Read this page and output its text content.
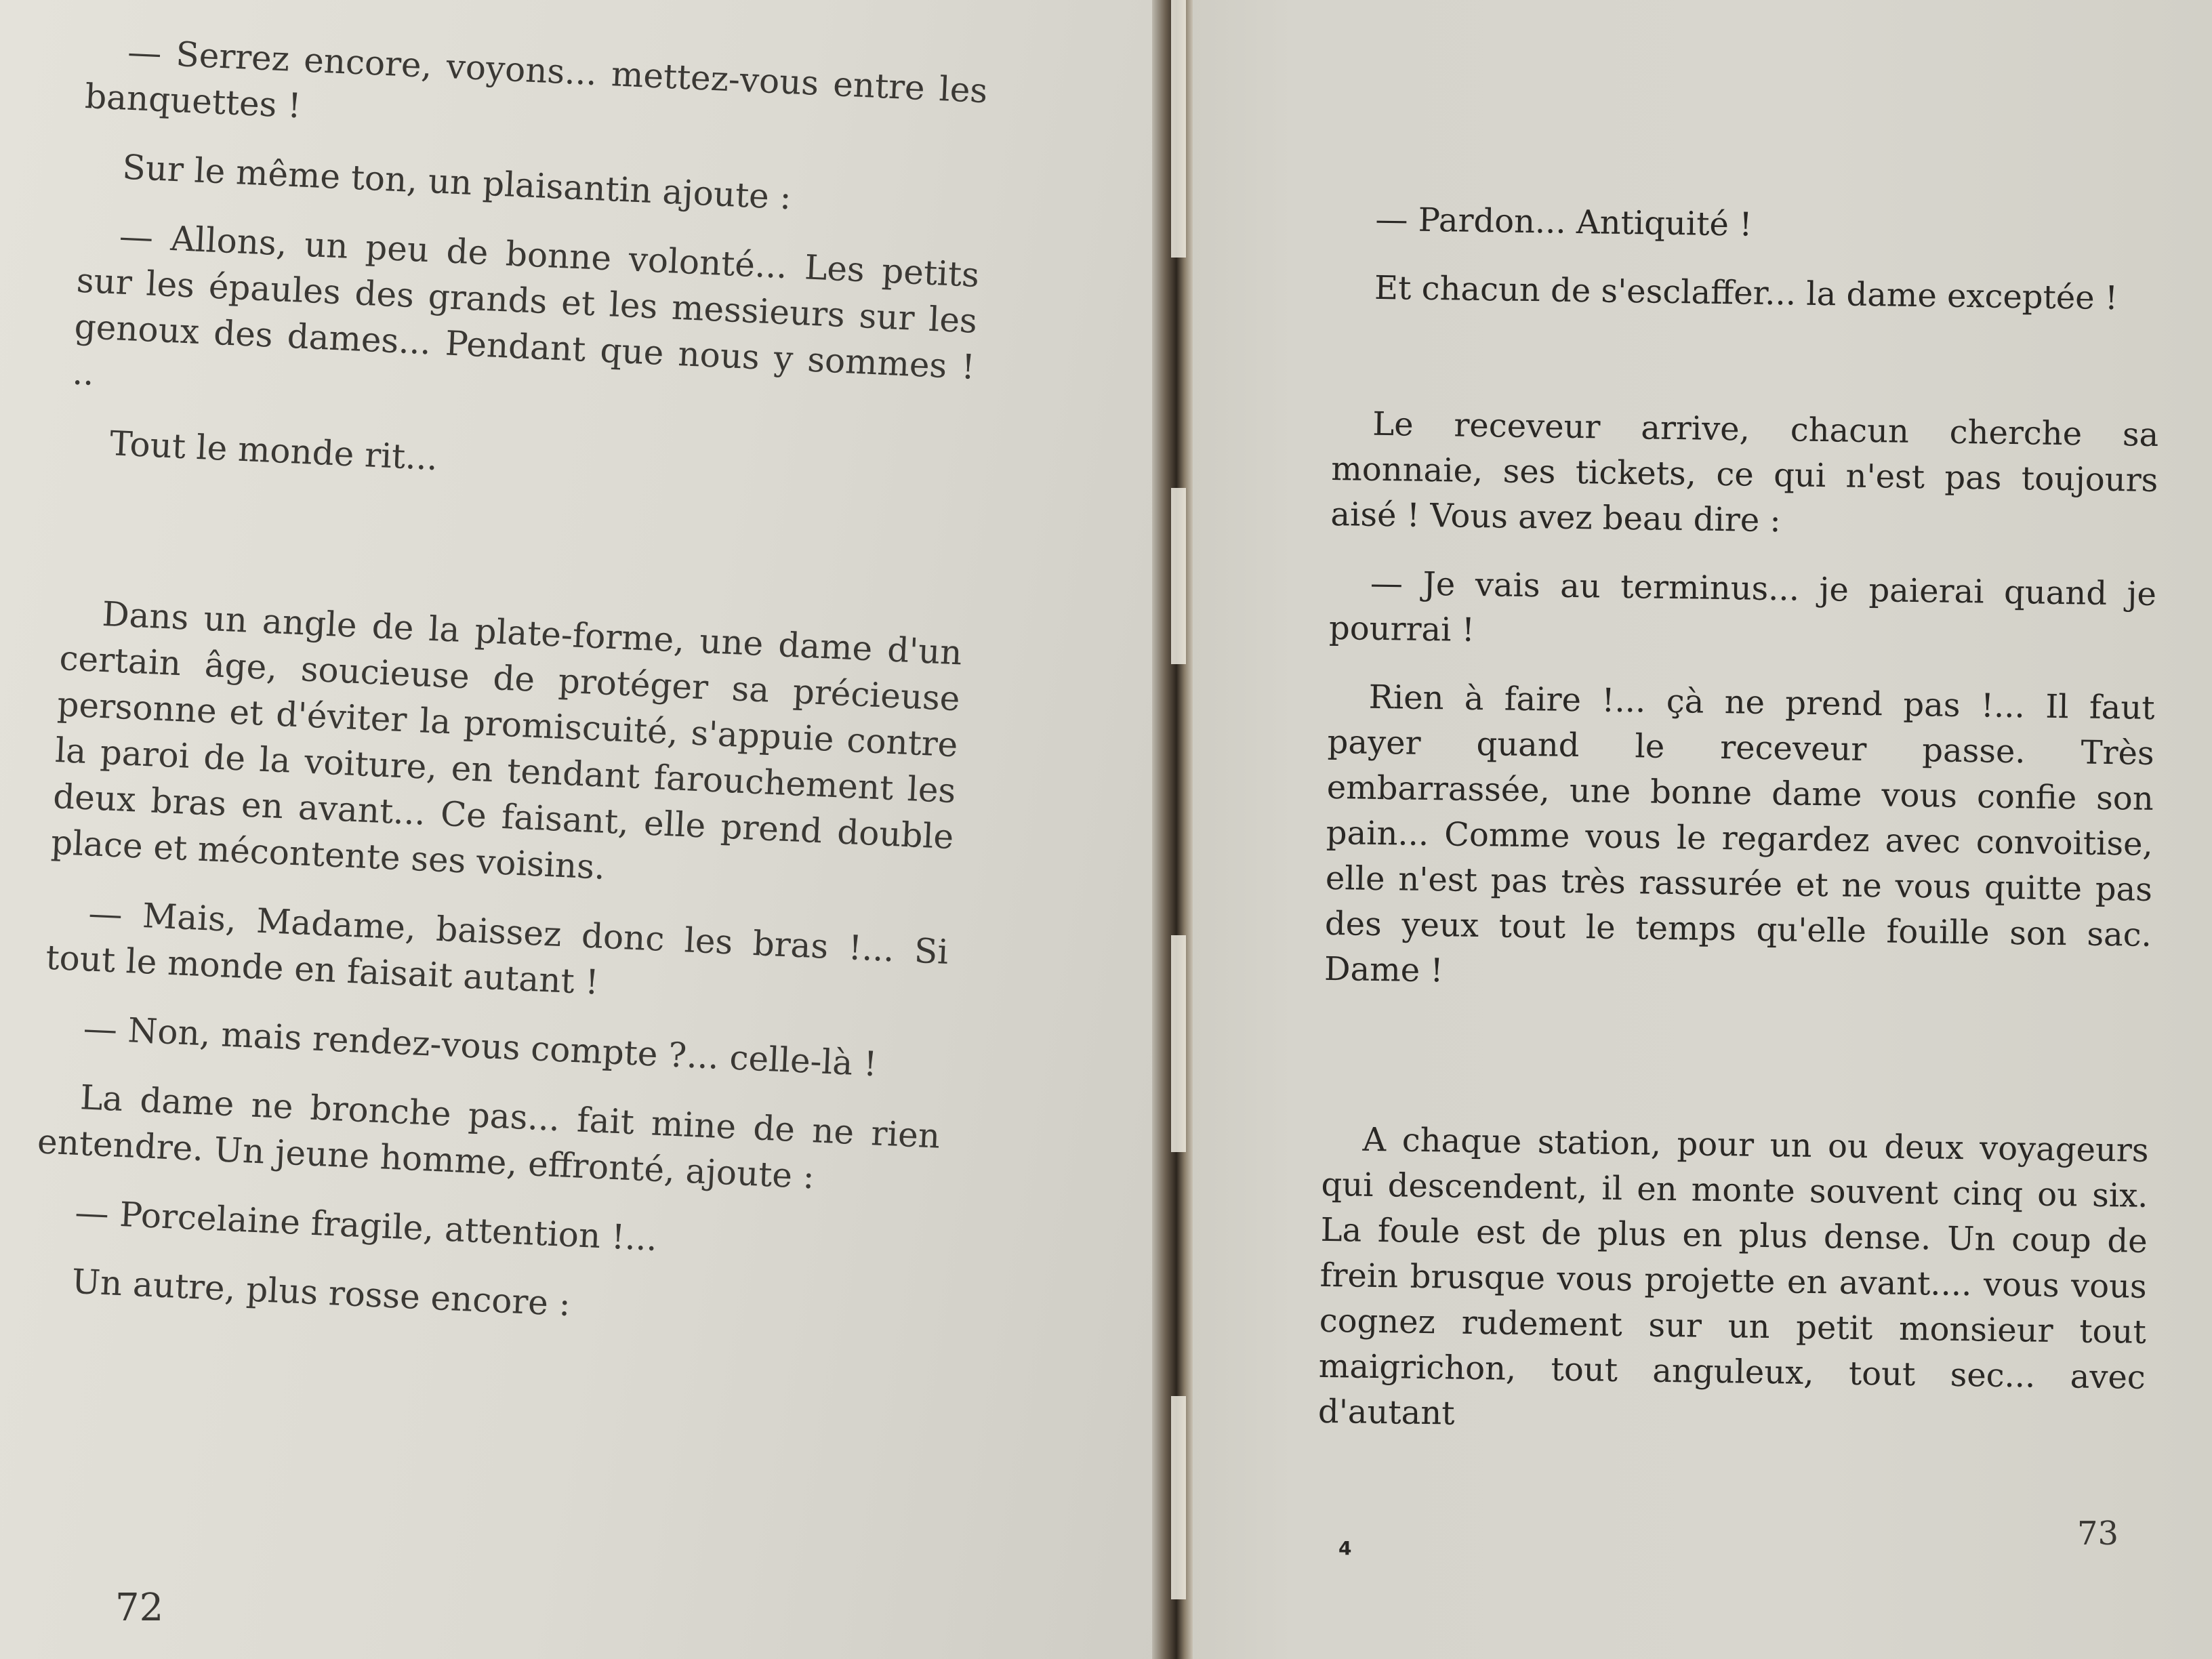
— Serrez encore, voyons... mettez-vous entre les banquettes !

Sur le même ton, un plaisantin ajoute :

— Allons, un peu de bonne volonté... Les petits sur les épaules des grands et les messieurs sur les genoux des dames... Pendant que nous y sommes ! ..

Tout le monde rit...

Dans un angle de la plate-forme, une dame d'un certain âge, soucieuse de protéger sa précieuse personne et d'éviter la promiscuité, s'appuie contre la paroi de la voiture, en tendant farouchement les deux bras en avant... Ce faisant, elle prend double place et mécontente ses voisins.

— Mais, Madame, baissez donc les bras !... Si tout le monde en faisait autant !

— Non, mais rendez-vous compte ?... celle-là !

La dame ne bronche pas... fait mine de ne rien entendre. Un jeune homme, effronté, ajoute :

— Porcelaine fragile, attention !...

Un autre, plus rosse encore :

72

— Pardon... Antiquité !

Et chacun de s'esclaffer... la dame exceptée !

Le receveur arrive, chacun cherche sa monnaie, ses tickets, ce qui n'est pas toujours aisé ! Vous avez beau dire :

— Je vais au terminus... je paierai quand je pourrai !

Rien à faire !... çà ne prend pas !... Il faut payer quand le receveur passe. Très embarrassée, une bonne dame vous confie son pain... Comme vous le regardez avec convoitise, elle n'est pas très rassurée et ne vous quitte pas des yeux tout le temps qu'elle fouille son sac. Dame !

A chaque station, pour un ou deux voyageurs qui descendent, il en monte souvent cinq ou six. La foule est de plus en plus dense. Un coup de frein brusque vous projette en avant.... vous vous cognez rudement sur un petit monsieur tout maigrichon, tout anguleux, tout sec... avec d'autant

4	73
